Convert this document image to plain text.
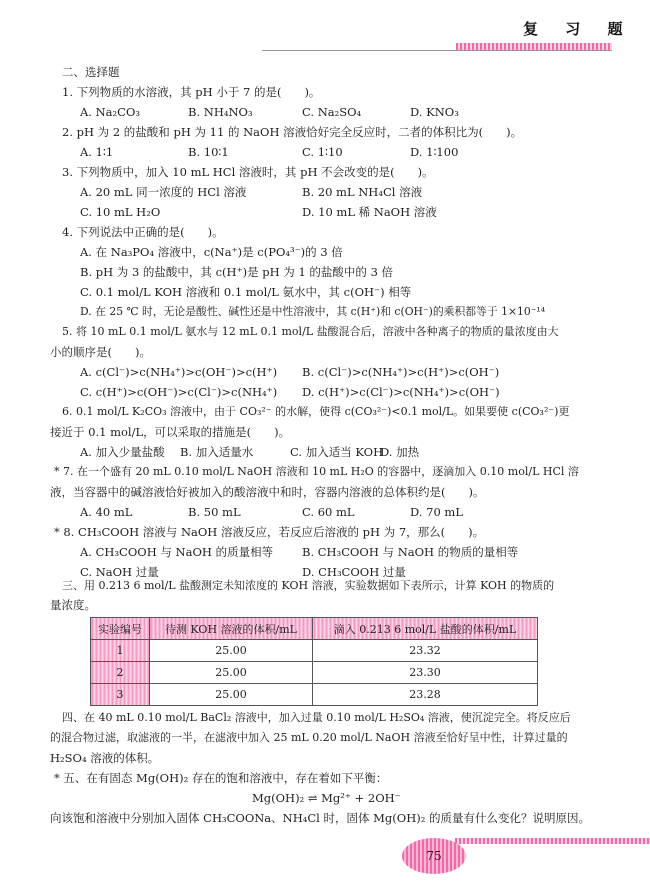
复 习 题
二、选择题
1. 下列物质的水溶液，其 pH 小于 7 的是(　　)。
A. Na₂CO₃	B. NH₄NO₃	C. Na₂SO₄	D. KNO₃
2. pH 为 2 的盐酸和 pH 为 11 的 NaOH 溶液恰好完全反应时，二者的体积比为(　　)。
A. 1∶1	B. 10∶1	C. 1∶10	D. 1∶100
3. 下列物质中，加入 10 mL HCl 溶液时，其 pH 不会改变的是(　　)。
A. 20 mL 同一浓度的 HCl 溶液	B. 20 mL NH₄Cl 溶液
C. 10 mL H₂O	D. 10 mL 稀 NaOH 溶液
4. 下列说法中正确的是(　　)。
A. 在 Na₃PO₄ 溶液中，c(Na⁺)是 c(PO₄³⁻)的 3 倍
B. pH 为 3 的盐酸中，其 c(H⁺)是 pH 为 1 的盐酸中的 3 倍
C. 0.1 mol/L KOH 溶液和 0.1 mol/L 氨水中，其 c(OH⁻) 相等
D. 在 25 ℃ 时，无论是酸性、碱性还是中性溶液中，其 c(H⁺)和 c(OH⁻)的乘积都等于 1×10⁻¹⁴
5. 将 10 mL 0.1 mol/L 氨水与 12 mL 0.1 mol/L 盐酸混合后，溶液中各种离子的物质的量浓度由大
小的顺序是(　　)。
A. c(Cl⁻)>c(NH₄⁺)>c(OH⁻)>c(H⁺) B. c(Cl⁻)>c(NH₄⁺)>c(H⁺)>c(OH⁻)
C. c(H⁺)>c(OH⁻)>c(Cl⁻)>c(NH₄⁺) D. c(H⁺)>c(Cl⁻)>c(NH₄⁺)>c(OH⁻)
6. 0.1 mol/L K₂CO₃ 溶液中，由于 CO₃²⁻ 的水解，使得 c(CO₃²⁻)<0.1 mol/L。如果要使 c(CO₃²⁻)更
接近于 0.1 mol/L，可以采取的措施是(　　)。
A. 加入少量盐酸 B. 加入适量水	C. 加入适当 KOH
D. 加热
* 7. 在一个盛有 20 mL 0.10 mol/L NaOH 溶液和 10 mL H₂O 的容器中，逐滴加入 0.10 mol/L HCl 溶
液，当容器中的碱溶液恰好被加入的酸溶液中和时，容器内溶液的总体积约是(　　)。
A. 40 mL	B. 50 mL	C. 60 mL	D. 70 mL
* 8. CH₃COOH 溶液与 NaOH 溶液反应，若反应后溶液的 pH 为 7，那么(　　)。
A. CH₃COOH 与 NaOH 的质量相等	B. CH₃COOH 与 NaOH 的物质的量相等
C. NaOH 过量	D. CH₃COOH 过量
三、用 0.213 6 mol/L 盐酸测定未知浓度的 KOH 溶液，实验数据如下表所示，计算 KOH 的物质的
量浓度。
实验编号	待测 KOH 溶液的体积/mL	滴入 0.213 6 mol/L 盐酸的体积/mL
1	25.00	23.32
2	25.00	23.30
3	25.00	23.28
四、在 40 mL 0.10 mol/L BaCl₂ 溶液中，加入过量 0.10 mol/L H₂SO₄ 溶液，使沉淀完全。将反应后
的混合物过滤，取滤液的一半，在滤液中加入 25 mL 0.20 mol/L NaOH 溶液至恰好呈中性，计算过量的
H₂SO₄ 溶液的体积。
* 五、在有固态 Mg(OH)₂ 存在的饱和溶液中，存在着如下平衡：
Mg(OH)₂ ⇌ Mg²⁺ + 2OH⁻
向该饱和溶液中分别加入固体 CH₃COONa、NH₄Cl 时，固体 Mg(OH)₂ 的质量有什么变化？说明原因。
75
